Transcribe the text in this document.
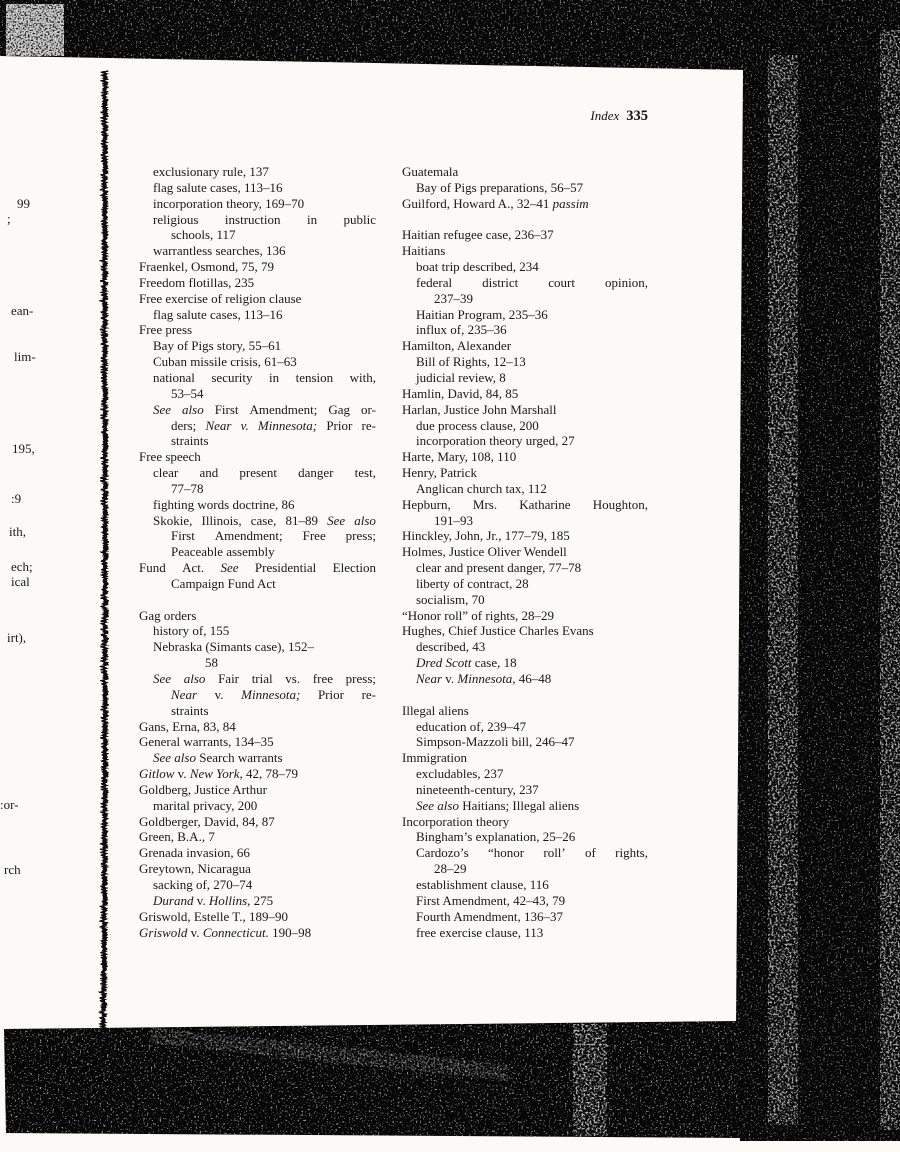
Index 335
exclusionary rule, 137
flag salute cases, 113–16
incorporation theory, 169–70
religious instruction in public
schools, 117
warrantless searches, 136
Fraenkel, Osmond, 75, 79
Freedom flotillas, 235
Free exercise of religion clause
flag salute cases, 113–16
Free press
Bay of Pigs story, 55–61
Cuban missile crisis, 61–63
national security in tension with,
53–54
See also First Amendment; Gag or-
ders; Near v. Minnesota; Prior re-
straints
Free speech
clear and present danger test,
77–78
fighting words doctrine, 86
Skokie, Illinois, case, 81–89 See also
First Amendment; Free press;
Peaceable assembly
Fund Act. See Presidential Election
Campaign Fund Act

Gag orders
history of, 155
Nebraska (Simants case), 152–
58
See also Fair trial vs. free press;
Near v. Minnesota; Prior re-
straints
Gans, Erna, 83, 84
General warrants, 134–35
See also Search warrants
Gitlow v. New York, 42, 78–79
Goldberg, Justice Arthur
marital privacy, 200
Goldberger, David, 84, 87
Green, B.A., 7
Grenada invasion, 66
Greytown, Nicaragua
sacking of, 270–74
Durand v. Hollins, 275
Griswold, Estelle T., 189–90
Griswold v. Connecticut. 190–98
Guatemala
Bay of Pigs preparations, 56–57
Guilford, Howard A., 32–41 passim

Haitian refugee case, 236–37
Haitians
boat trip described, 234
federal district court opinion,
237–39
Haitian Program, 235–36
influx of, 235–36
Hamilton, Alexander
Bill of Rights, 12–13
judicial review, 8
Hamlin, David, 84, 85
Harlan, Justice John Marshall
due process clause, 200
incorporation theory urged, 27
Harte, Mary, 108, 110
Henry, Patrick
Anglican church tax, 112
Hepburn, Mrs. Katharine Houghton,
191–93
Hinckley, John, Jr., 177–79, 185
Holmes, Justice Oliver Wendell
clear and present danger, 77–78
liberty of contract, 28
socialism, 70
“Honor roll” of rights, 28–29
Hughes, Chief Justice Charles Evans
described, 43
Dred Scott case, 18
Near v. Minnesota, 46–48

Illegal aliens
education of, 239–47
Simpson-Mazzoli bill, 246–47
Immigration
excludables, 237
nineteenth-century, 237
See also Haitians; Illegal aliens
Incorporation theory
Bingham’s explanation, 25–26
Cardozo’s “honor roll’ of rights,
28–29
establishment clause, 116
First Amendment, 42–43, 79
Fourth Amendment, 136–37
free exercise clause, 113
99
;
ean-
lim-
195,
:9
ith,
ech;
ical
irt),
:or-
rch
